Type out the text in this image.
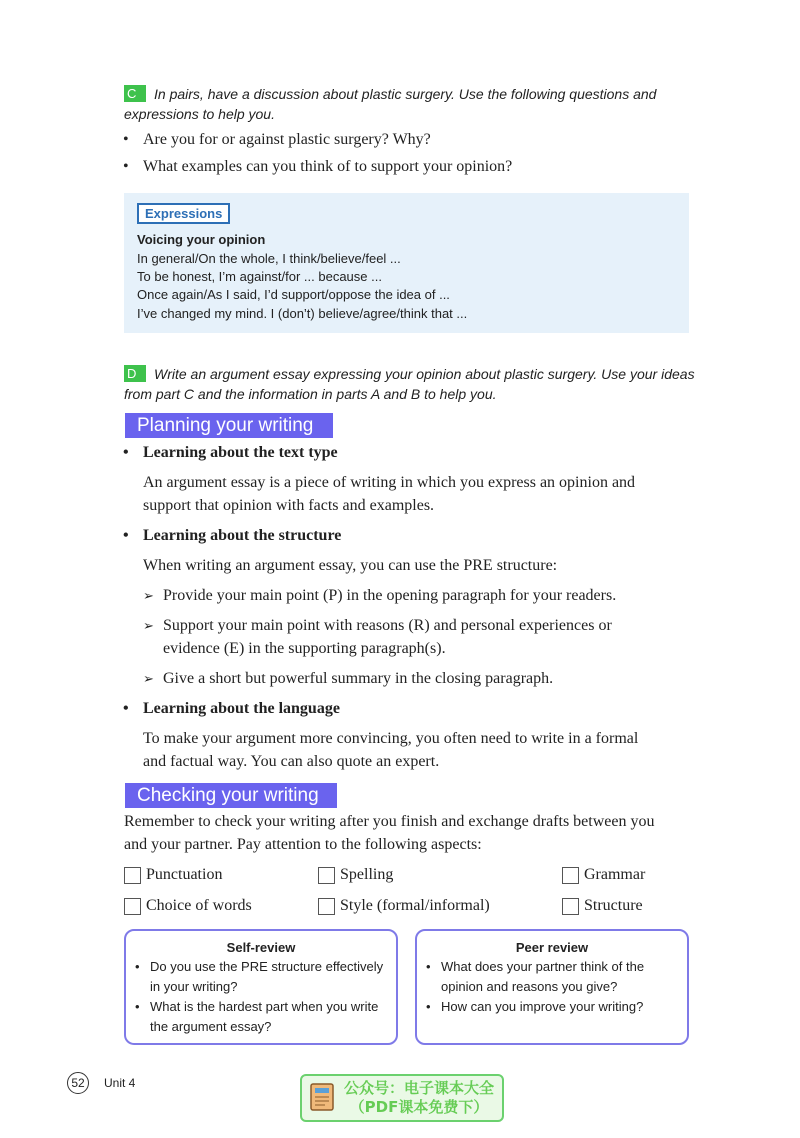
C In pairs, have a discussion about plastic surgery. Use the following questions and
expressions to help you.
• Are you for or against plastic surgery? Why?
• What examples can you think of to support your opinion?
Expressions
Voicing your opinion
In general/On the whole, I think/believe/feel ...
To be honest, I’m against/for ... because ...
Once again/As I said, I’d support/oppose the idea of ...
I’ve changed my mind. I (don’t) believe/agree/think that ...
D Write an argument essay expressing your opinion about plastic surgery. Use your ideas
from part C and the information in parts A and B to help you.
Planning your writing
• Learning about the text type
An argument essay is a piece of writing in which you express an opinion and
support that opinion with facts and examples.
• Learning about the structure
When writing an argument essay, you can use the PRE structure:
➢ Provide your main point (P) in the opening paragraph for your readers.
➢ Support your main point with reasons (R) and personal experiences or
evidence (E) in the supporting paragraph(s).
➢ Give a short but powerful summary in the closing paragraph.
• Learning about the language
To make your argument more convincing, you often need to write in a formal
and factual way. You can also quote an expert.
Checking your writing
Remember to check your writing after you finish and exchange drafts between you
and your partner. Pay attention to the following aspects:
Punctuation	Spelling	Grammar
Choice of words	Style (formal/informal)	Structure
Self-review
• Do you use the PRE structure effectively
in your writing?
• What is the hardest part when you write
the argument essay?
Peer review
• What does your partner think of the
opinion and reasons you give?
• How can you improve your writing?
52	Unit 4	公众号：电子课本大全
（PDF课本免费下）
